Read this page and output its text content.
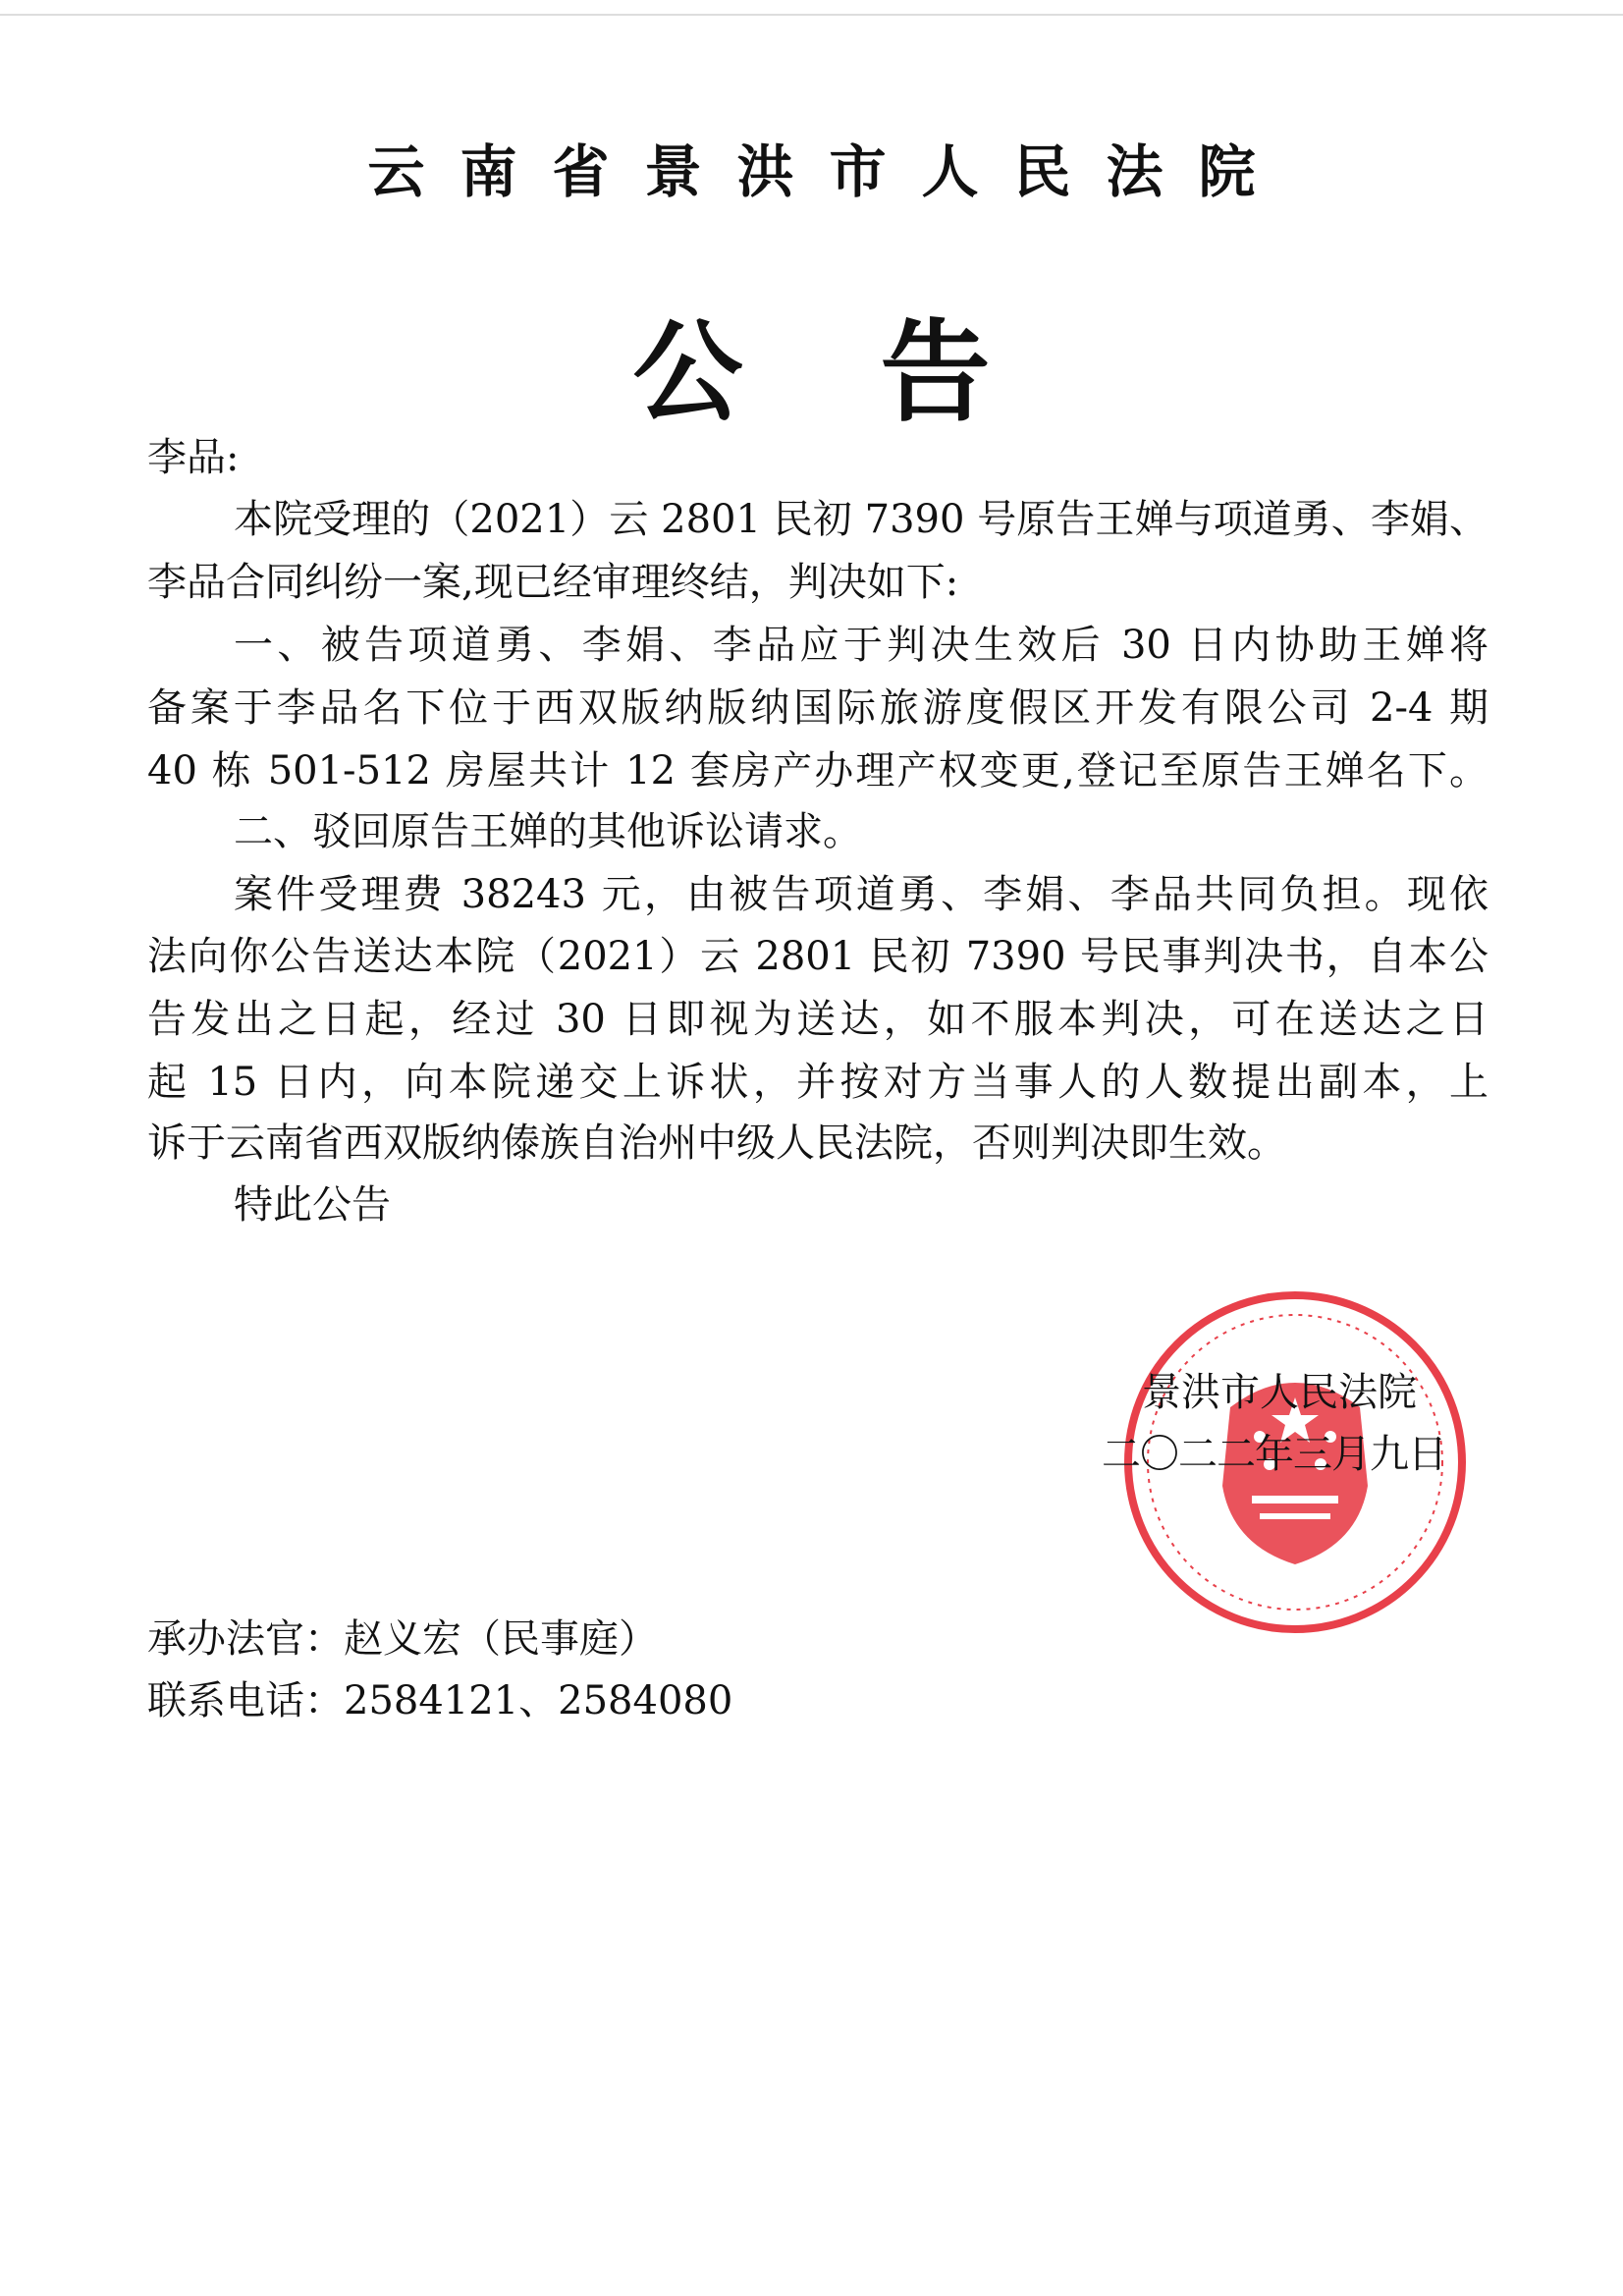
云南省景洪市人民法院
公告
李品:
本院受理的（2021）云 2801 民初 7390 号原告王婵与项道勇、李娟、
李品合同纠纷一案,现已经审理终结，判决如下:
一、被告项道勇、李娟、李品应于判决生效后 30 日内协助王婵将
备案于李品名下位于西双版纳版纳国际旅游度假区开发有限公司 2-4 期
40 栋 501-512 房屋共计 12 套房产办理产权变更,登记至原告王婵名下。
二、驳回原告王婵的其他诉讼请求。
案件受理费 38243 元，由被告项道勇、李娟、李品共同负担。现依
法向你公告送达本院（2021）云 2801 民初 7390 号民事判决书，自本公
告发出之日起，经过 30 日即视为送达，如不服本判决，可在送达之日
起 15 日内，向本院递交上诉状，并按对方当事人的人数提出副本，上
诉于云南省西双版纳傣族自治州中级人民法院，否则判决即生效。
特此公告
景洪市人民法院
二〇二二年三月九日
承办法官：赵义宏（民事庭）
联系电话：2584121、2584080
